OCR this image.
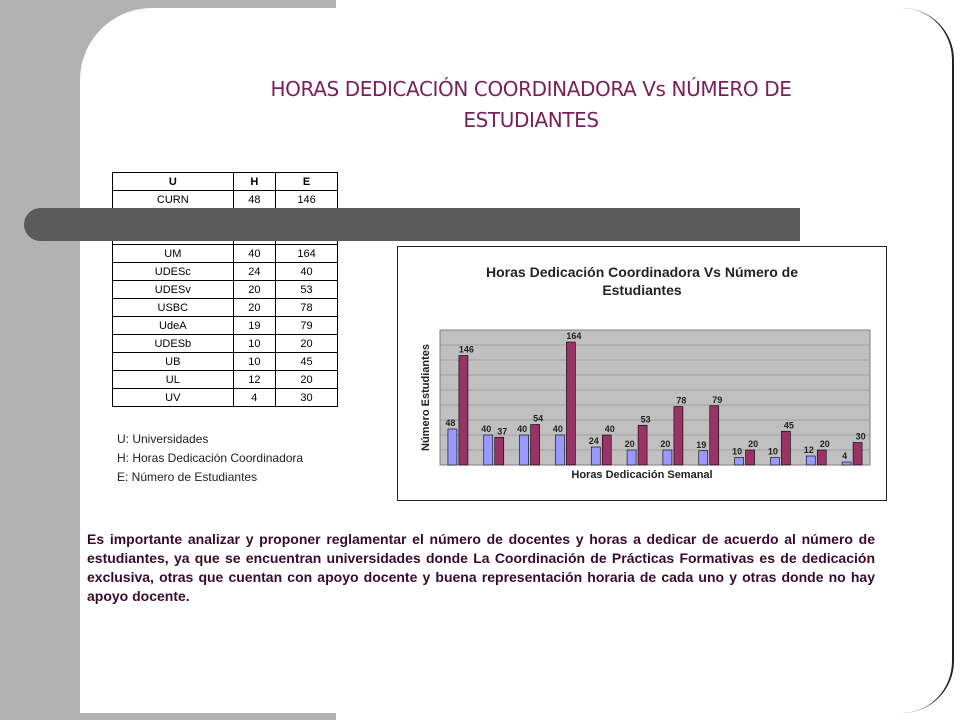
HORAS DEDICACIÓN COORDINADORA Vs NÚMERO DE ESTUDIANTES
U	H	E
CURN	48	146

UM	40	164
UDESc	24	40
UDESv	20	53
USBC	20	78
UdeA	19	79
UDESb	10	20
UB	10	45
UL	12	20
UV	4	30
U: Universidades
H: Horas Dedicación Coordinadora
E: Número de Estudiantes
Horas Dedicación Coordinadora Vs Número de Estudiantes
Número Estudiantes
Horas Dedicación Semanal
48
40	40	40
24	20	20	19
10	10	12
4
146
37
54
164
40
53
78	79
20
45
20
30
Es importante analizar y proponer reglamentar el número de docentes y horas a dedicar de acuerdo al número de estudiantes, ya que se encuentran universidades donde La Coordinación de Prácticas Formativas es de dedicación exclusiva, otras que cuentan con apoyo docente y buena representación horaria de cada uno y otras donde no hay apoyo docente.
